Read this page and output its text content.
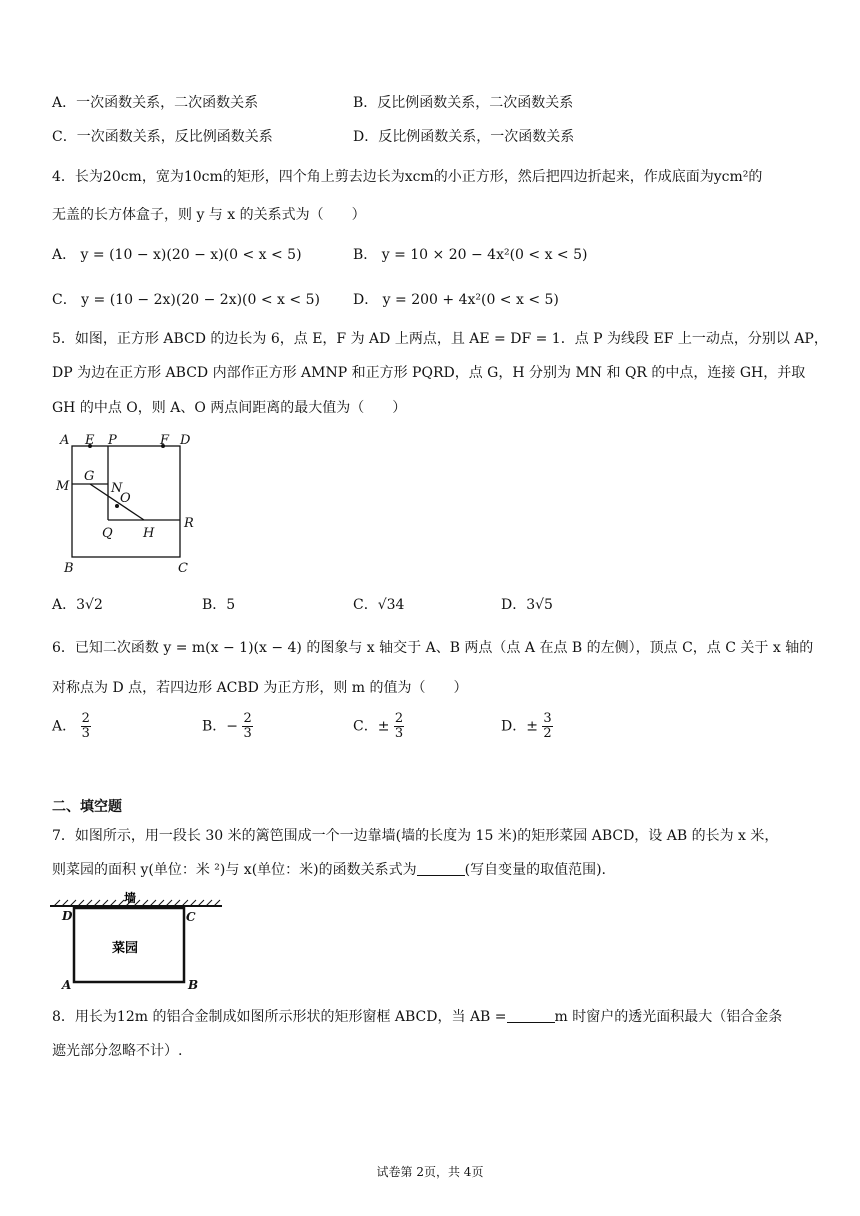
A．一次函数关系，二次函数关系	B．反比例函数关系，二次函数关系
C．一次函数关系，反比例函数关系	D．反比例函数关系，一次函数关系
4．长为20cm，宽为10cm的矩形，四个角上剪去边长为xcm的小正方形，然后把四边折起来，作成底面为ycm²的
无盖的长方体盒子，则 y 与 x 的关系式为（　　）
A． y = (10 − x)(20 − x)(0 < x < 5)	B． y = 10 × 20 − 4x²(0 < x < 5)
C． y = (10 − 2x)(20 − 2x)(0 < x < 5) D． y = 200 + 4x²(0 < x < 5)
5．如图，正方形 ABCD 的边长为 6，点 E，F 为 AD 上两点，且 AE = DF = 1．点 P 为线段 EF 上一动点，分别以 AP，
DP 为边在正方形 ABCD 内部作正方形 AMNP 和正方形 PQRD，点 G，H 分别为 MN 和 QR 的中点，连接 GH，并取
GH 的中点 O，则 A、O 两点间距离的最大值为（　　）
A E P	F D
M
G
N
O
Q H
R
B	C
A．3√2	B．5	C．√34	D．3√5
6．已知二次函数 y = m(x − 1)(x − 4) 的图象与 x 轴交于 A、B 两点（点 A 在点 B 的左侧），顶点 C，点 C 关于 x 轴的
对称点为 D 点，若四边形 ACBD 为正方形，则 m 的值为（　　）
A． $\frac{2}{3}$	B．− $\frac{2}{3}$	C．± $\frac{2}{3}$	D．± $\frac{3}{2}$
二、填空题
7．如图所示，用一段长 30 米的篱笆围成一个一边靠墙(墙的长度为 15 米)的矩形菜园 ABCD，设 AB 的长为 x 米，
则菜园的面积 y(单位：米 ²)与 x(单位：米)的函数关系式为	(写自变量的取值范围).
墙
菜园
D	C
A	B
8．用长为12m 的铝合金制成如图所示形状的矩形窗框 ABCD，当 AB =	m 时窗户的透光面积最大（铝合金条
遮光部分忽略不计）.
试卷第 2页，共 4页
